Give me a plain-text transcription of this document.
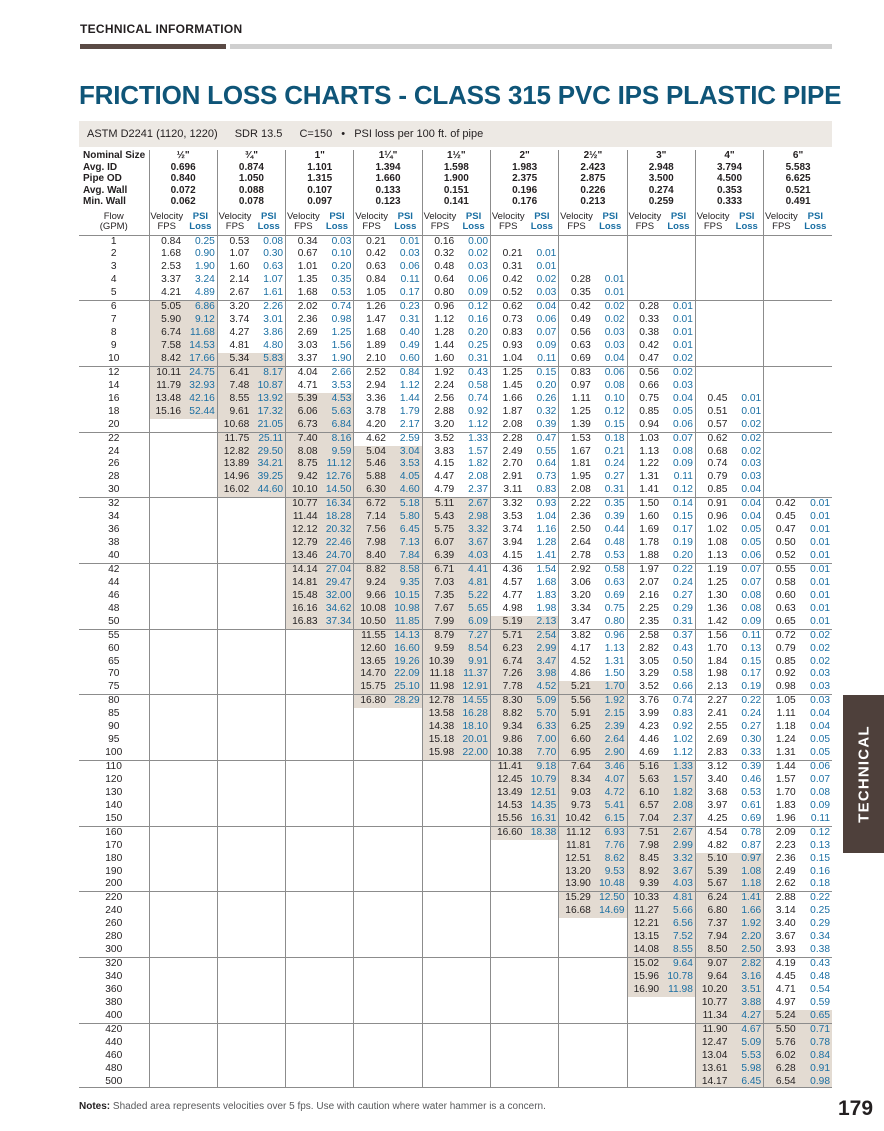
TECHNICAL INFORMATION
FRICTION LOSS CHARTS - CLASS 315 PVC IPS PLASTIC PIPE
ASTM D2241 (1120, 1220) SDR 13.5 C=150 • PSI loss per 100 ft. of pipe
Nominal Size	½"		¾"		1"		1¼"		1½"		2"		2½"		3"		4"		6"	
Avg. ID	0.696		0.874		1.101		1.394		1.598		1.983		2.423		2.948		3.794		5.583	
Pipe OD	0.840		1.050		1.315		1.660		1.900		2.375		2.875		3.500		4.500		6.625	
Avg. Wall	0.072		0.088		0.107		0.133		0.151		0.196		0.226		0.274		0.353		0.521	
Min. Wall	0.062		0.078		0.097		0.123		0.141		0.176		0.213		0.259		0.333		0.491	

Flow	Velocity	PSI	Velocity	PSI	Velocity	PSI	Velocity	PSI	Velocity	PSI	Velocity	PSI	Velocity	PSI	Velocity	PSI	Velocity	PSI	Velocity	PSI
(GPM)	FPS	Loss	FPS	Loss	FPS	Loss	FPS	Loss	FPS	Loss	FPS	Loss	FPS	Loss	FPS	Loss	FPS	Loss	FPS	Loss
1	0.84	0.25	0.53	0.08	0.34	0.03	0.21	0.01	0.16	0.00										
2	1.68	0.90	1.07	0.30	0.67	0.10	0.42	0.03	0.32	0.02	0.21	0.01								
3	2.53	1.90	1.60	0.63	1.01	0.20	0.63	0.06	0.48	0.03	0.31	0.01								
4	3.37	3.24	2.14	1.07	1.35	0.35	0.84	0.11	0.64	0.06	0.42	0.02	0.28	0.01						
5	4.21	4.89	2.67	1.61	1.68	0.53	1.05	0.17	0.80	0.09	0.52	0.03	0.35	0.01						
6	5.05	6.86	3.20	2.26	2.02	0.74	1.26	0.23	0.96	0.12	0.62	0.04	0.42	0.02	0.28	0.01				
7	5.90	9.12	3.74	3.01	2.36	0.98	1.47	0.31	1.12	0.16	0.73	0.06	0.49	0.02	0.33	0.01				
8	6.74	11.68	4.27	3.86	2.69	1.25	1.68	0.40	1.28	0.20	0.83	0.07	0.56	0.03	0.38	0.01				
9	7.58	14.53	4.81	4.80	3.03	1.56	1.89	0.49	1.44	0.25	0.93	0.09	0.63	0.03	0.42	0.01				
10	8.42	17.66	5.34	5.83	3.37	1.90	2.10	0.60	1.60	0.31	1.04	0.11	0.69	0.04	0.47	0.02				
12	10.11	24.75	6.41	8.17	4.04	2.66	2.52	0.84	1.92	0.43	1.25	0.15	0.83	0.06	0.56	0.02				
14	11.79	32.93	7.48	10.87	4.71	3.53	2.94	1.12	2.24	0.58	1.45	0.20	0.97	0.08	0.66	0.03				
16	13.48	42.16	8.55	13.92	5.39	4.53	3.36	1.44	2.56	0.74	1.66	0.26	1.11	0.10	0.75	0.04	0.45	0.01		
18	15.16	52.44	9.61	17.32	6.06	5.63	3.78	1.79	2.88	0.92	1.87	0.32	1.25	0.12	0.85	0.05	0.51	0.01		
20			10.68	21.05	6.73	6.84	4.20	2.17	3.20	1.12	2.08	0.39	1.39	0.15	0.94	0.06	0.57	0.02		
22			11.75	25.11	7.40	8.16	4.62	2.59	3.52	1.33	2.28	0.47	1.53	0.18	1.03	0.07	0.62	0.02		
24			12.82	29.50	8.08	9.59	5.04	3.04	3.83	1.57	2.49	0.55	1.67	0.21	1.13	0.08	0.68	0.02		
26			13.89	34.21	8.75	11.12	5.46	3.53	4.15	1.82	2.70	0.64	1.81	0.24	1.22	0.09	0.74	0.03		
28			14.96	39.25	9.42	12.76	5.88	4.05	4.47	2.08	2.91	0.73	1.95	0.27	1.31	0.11	0.79	0.03		
30			16.02	44.60	10.10	14.50	6.30	4.60	4.79	2.37	3.11	0.83	2.08	0.31	1.41	0.12	0.85	0.04		
32					10.77	16.34	6.72	5.18	5.11	2.67	3.32	0.93	2.22	0.35	1.50	0.14	0.91	0.04	0.42	0.01
34					11.44	18.28	7.14	5.80	5.43	2.98	3.53	1.04	2.36	0.39	1.60	0.15	0.96	0.04	0.45	0.01
36					12.12	20.32	7.56	6.45	5.75	3.32	3.74	1.16	2.50	0.44	1.69	0.17	1.02	0.05	0.47	0.01
38					12.79	22.46	7.98	7.13	6.07	3.67	3.94	1.28	2.64	0.48	1.78	0.19	1.08	0.05	0.50	0.01
40					13.46	24.70	8.40	7.84	6.39	4.03	4.15	1.41	2.78	0.53	1.88	0.20	1.13	0.06	0.52	0.01
42					14.14	27.04	8.82	8.58	6.71	4.41	4.36	1.54	2.92	0.58	1.97	0.22	1.19	0.07	0.55	0.01
44					14.81	29.47	9.24	9.35	7.03	4.81	4.57	1.68	3.06	0.63	2.07	0.24	1.25	0.07	0.58	0.01
46					15.48	32.00	9.66	10.15	7.35	5.22	4.77	1.83	3.20	0.69	2.16	0.27	1.30	0.08	0.60	0.01
48					16.16	34.62	10.08	10.98	7.67	5.65	4.98	1.98	3.34	0.75	2.25	0.29	1.36	0.08	0.63	0.01
50					16.83	37.34	10.50	11.85	7.99	6.09	5.19	2.13	3.47	0.80	2.35	0.31	1.42	0.09	0.65	0.01
55							11.55	14.13	8.79	7.27	5.71	2.54	3.82	0.96	2.58	0.37	1.56	0.11	0.72	0.02
60							12.60	16.60	9.59	8.54	6.23	2.99	4.17	1.13	2.82	0.43	1.70	0.13	0.79	0.02
65							13.65	19.26	10.39	9.91	6.74	3.47	4.52	1.31	3.05	0.50	1.84	0.15	0.85	0.02
70							14.70	22.09	11.18	11.37	7.26	3.98	4.86	1.50	3.29	0.58	1.98	0.17	0.92	0.03
75							15.75	25.10	11.98	12.91	7.78	4.52	5.21	1.70	3.52	0.66	2.13	0.19	0.98	0.03
80							16.80	28.29	12.78	14.55	8.30	5.09	5.56	1.92	3.76	0.74	2.27	0.22	1.05	0.03
85									13.58	16.28	8.82	5.70	5.91	2.15	3.99	0.83	2.41	0.24	1.11	0.04
90									14.38	18.10	9.34	6.33	6.25	2.39	4.23	0.92	2.55	0.27	1.18	0.04
95									15.18	20.01	9.86	7.00	6.60	2.64	4.46	1.02	2.69	0.30	1.24	0.05
100									15.98	22.00	10.38	7.70	6.95	2.90	4.69	1.12	2.83	0.33	1.31	0.05
110											11.41	9.18	7.64	3.46	5.16	1.33	3.12	0.39	1.44	0.06
120											12.45	10.79	8.34	4.07	5.63	1.57	3.40	0.46	1.57	0.07
130											13.49	12.51	9.03	4.72	6.10	1.82	3.68	0.53	1.70	0.08
140											14.53	14.35	9.73	5.41	6.57	2.08	3.97	0.61	1.83	0.09
150											15.56	16.31	10.42	6.15	7.04	2.37	4.25	0.69	1.96	0.11
160											16.60	18.38	11.12	6.93	7.51	2.67	4.54	0.78	2.09	0.12
170													11.81	7.76	7.98	2.99	4.82	0.87	2.23	0.13
180													12.51	8.62	8.45	3.32	5.10	0.97	2.36	0.15
190													13.20	9.53	8.92	3.67	5.39	1.08	2.49	0.16
200													13.90	10.48	9.39	4.03	5.67	1.18	2.62	0.18
220													15.29	12.50	10.33	4.81	6.24	1.41	2.88	0.22
240													16.68	14.69	11.27	5.66	6.80	1.66	3.14	0.25
260															12.21	6.56	7.37	1.92	3.40	0.29
280															13.15	7.52	7.94	2.20	3.67	0.34
300															14.08	8.55	8.50	2.50	3.93	0.38
320															15.02	9.64	9.07	2.82	4.19	0.43
340															15.96	10.78	9.64	3.16	4.45	0.48
360															16.90	11.98	10.20	3.51	4.71	0.54
380																	10.77	3.88	4.97	0.59
400																	11.34	4.27	5.24	0.65
420																	11.90	4.67	5.50	0.71
440																	12.47	5.09	5.76	0.78
460																	13.04	5.53	6.02	0.84
480																	13.61	5.98	6.28	0.91
500																	14.17	6.45	6.54	0.98
Notes: Shaded area represents velocities over 5 fps. Use with caution where water hammer is a concern.
TECHNICAL
179
